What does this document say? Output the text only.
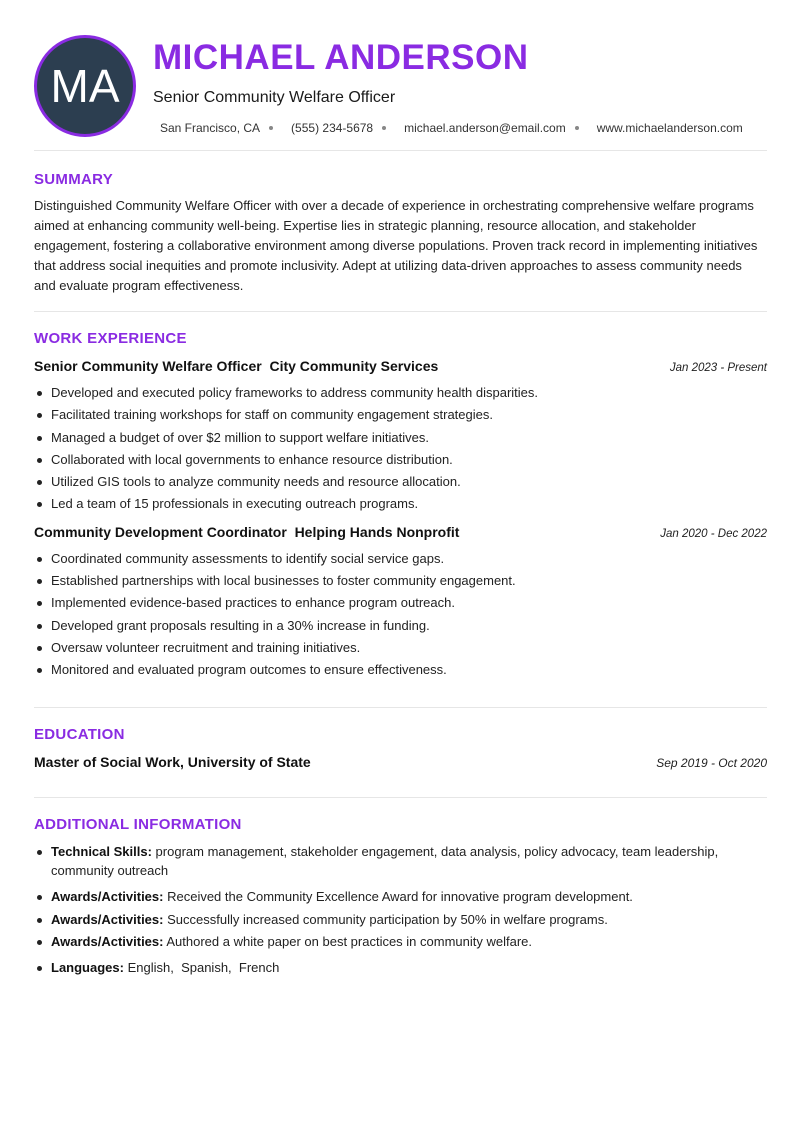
MA
MICHAEL ANDERSON
Senior Community Welfare Officer
San Francisco, CA	(555) 234-5678	michael.anderson@email.com	www.michaelanderson.com
SUMMARY

Distinguished Community Welfare Officer with over a decade of experience in orchestrating comprehensive welfare programs aimed at enhancing community well-being. Expertise lies in strategic planning, resource allocation, and stakeholder engagement, fostering a collaborative environment among diverse populations. Proven track record in implementing initiatives that address social inequities and promote inclusivity. Adept at utilizing data-driven approaches to assess community needs and evaluate program effectiveness.

WORK EXPERIENCE
Senior Community Welfare Officer  City Community Services	Jan 2023 - Present
Developed and executed policy frameworks to address community health disparities.
Facilitated training workshops for staff on community engagement strategies.
Managed a budget of over $2 million to support welfare initiatives.
Collaborated with local governments to enhance resource distribution.
Utilized GIS tools to analyze community needs and resource allocation.
Led a team of 15 professionals in executing outreach programs.
Community Development Coordinator  Helping Hands Nonprofit	Jan 2020 - Dec 2022
Coordinated community assessments to identify social service gaps.
Established partnerships with local businesses to foster community engagement.
Implemented evidence-based practices to enhance program outreach.
Developed grant proposals resulting in a 30% increase in funding.
Oversaw volunteer recruitment and training initiatives.
Monitored and evaluated program outcomes to ensure effectiveness.
EDUCATION
Master of Social Work, University of State	Sep 2019 - Oct 2020
ADDITIONAL INFORMATION
Technical Skills: program management, stakeholder engagement, data analysis, policy advocacy, team leadership, community outreach
Awards/Activities: Received the Community Excellence Award for innovative program development.
Awards/Activities: Successfully increased community participation by 50% in welfare programs.
Awards/Activities: Authored a white paper on best practices in community welfare.
Languages: English,  Spanish,  French
